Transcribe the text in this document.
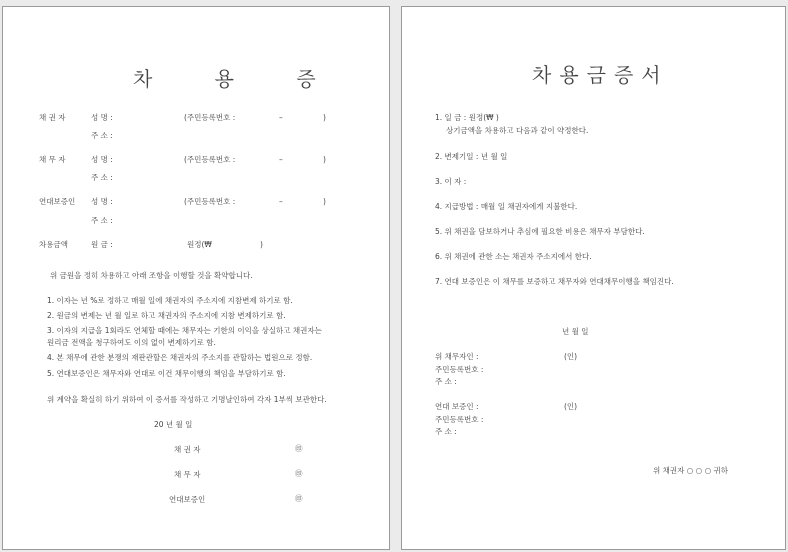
차 용 증
채 권 자	성 명 :	(주민등록번호 :	–	)
주 소 :
채 무 자	성 명 :	(주민등록번호 :	–	)
주 소 :
연대보증인 성 명 :	(주민등록번호 :	–	)
주 소 :
차용금액	원 금 :	원정(₩	)
위 금원을 정히 차용하고 아래 조항을 이행할 것을 확약합니다.
1. 이자는 년 %로 정하고 매월 일에 채권자의 주소지에 지참변제 하기로 함.
2. 원금의 변제는 년 월 일로 하고 채권자의 주소지에 지참 변제하기로 함.
3. 이자의 지급을 1회라도 연체할 때에는 채무자는 기한의 이익을 상실하고 채권자는
원리금 전액을 청구하여도 이의 없이 변제하기로 함.
4. 본 채무에 관한 분쟁의 재판관할은 채권자의 주소지를 관할하는 법원으로 정함.
5. 연대보증인은 채무자와 연대로 이건 채무이행의 책임을 부담하기로 함.
위 계약을 확실히 하기 위하여 이 증서를 작성하고 기명날인하여 각자 1부씩 보관한다.
20 년 월 일
채 권 자	㊞
채 무 자	㊞
연대보증인	㊞
차용금증서
1. 일 금 : 원정(₩ )
상기금액을 차용하고 다음과 같이 약정한다.
2. 변제기일 : 년 월 일
3. 이 자 :
4. 지급방법 : 매월 일 채권자에게 지불한다.
5. 위 채권을 담보하거나 추심에 필요한 비용은 채무자 부담한다.
6. 위 채권에 관한 소는 채권자 주소지에서 한다.
7. 연대 보증인은 이 채무를 보증하고 채무자와 연대채무이행을 책임진다.
년 월 일
위 채무자인 :	(인)
주민등록번호 :
주 소 :
연대 보증인 :	(인)
주민등록번호 :
주 소 :
위 채권자 ○ ○ ○ 귀하
